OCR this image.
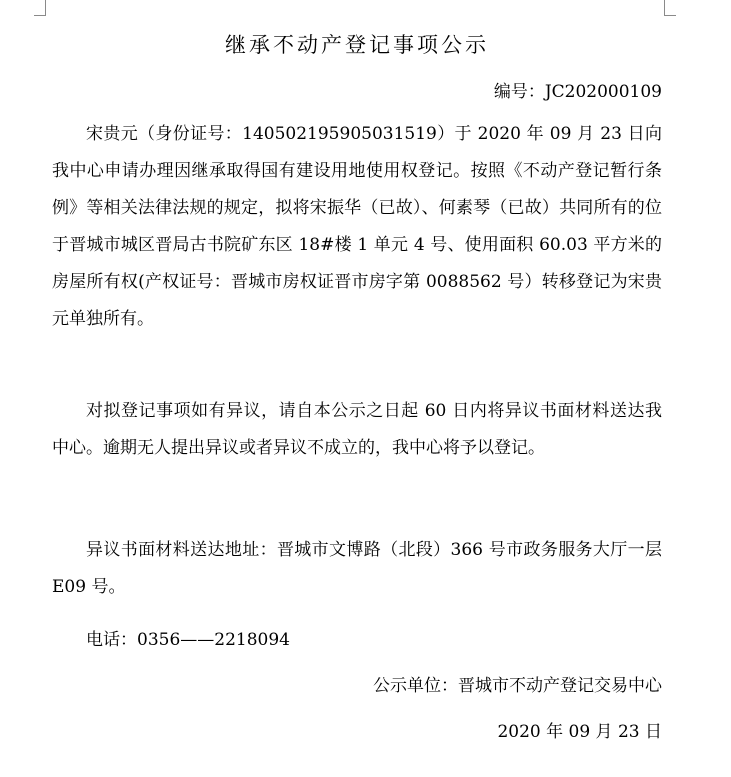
继承不动产登记事项公示
编号：JC202000109

宋贵元（身份证号：140502195905031519）于 2020 年 09 月 23 日向我中心申请办理因继承取得国有建设用地使用权登记。按照《不动产登记暂行条例》等相关法律法规的规定，拟将宋振华（已故）、何素琴（已故）共同所有的位于晋城市城区晋局古书院矿东区 18#楼 1 单元 4 号、使用面积 60.03 平方米的房屋所有权(产权证号：晋城市房权证晋市房字第 0088562 号）转移登记为宋贵元单独所有。

对拟登记事项如有异议，请自本公示之日起 60 日内将异议书面材料送达我中心。逾期无人提出异议或者异议不成立的，我中心将予以登记。

异议书面材料送达地址：晋城市文博路（北段）366 号市政务服务大厅一层 E09 号。

电话：0356——2218094
公示单位：晋城市不动产登记交易中心
2020 年 09 月 23 日
